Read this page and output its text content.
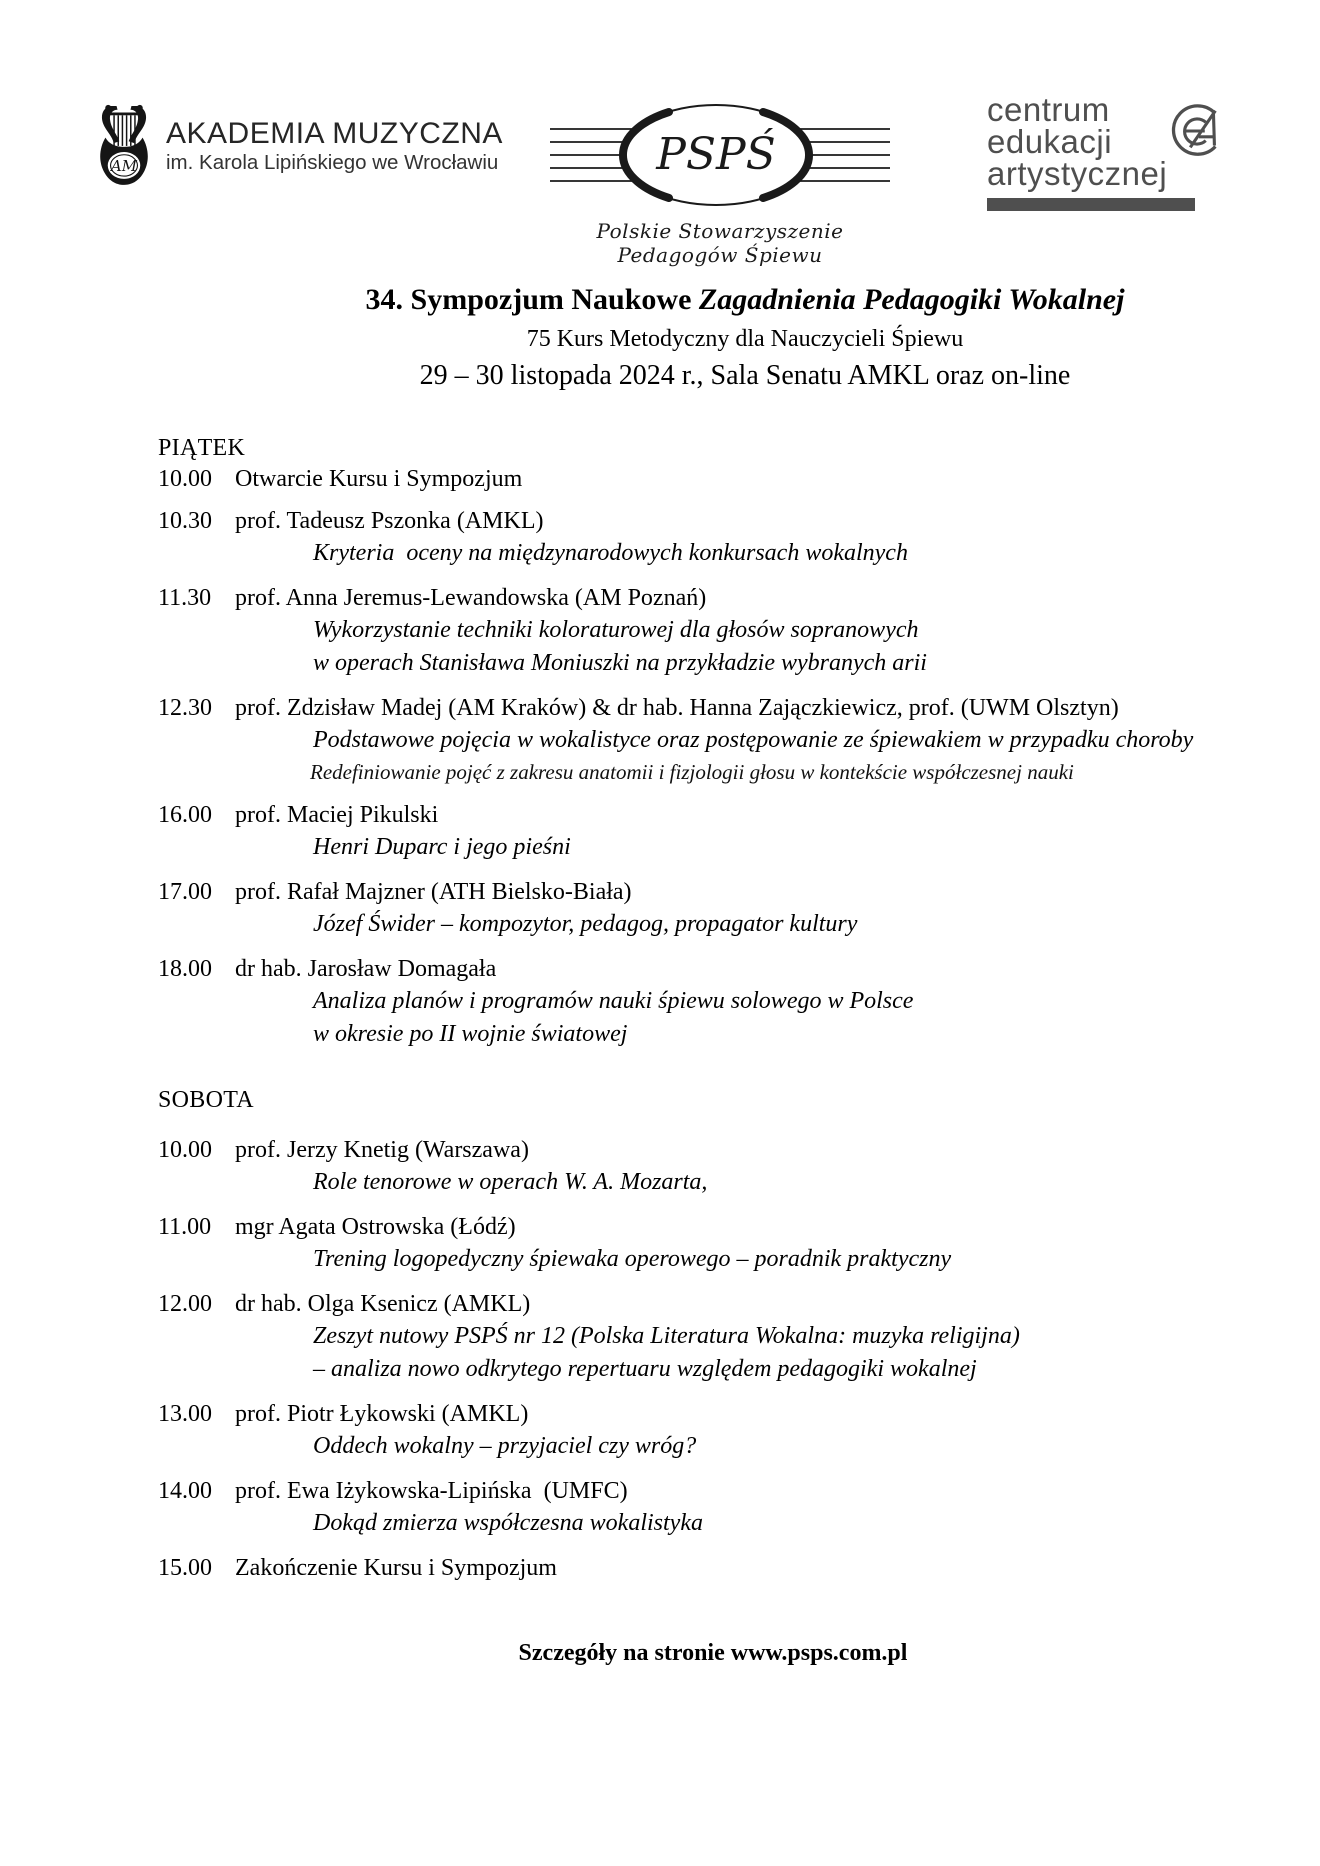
AM
AKADEMIA MUZYCZNA
im. Karola Lipińskiego we Wrocławiu	PSPŚ
Polskie Stowarzyszenie Pedagogów Śpiewu
centrum
edukacji
artystycznej
34. Sympozjum Naukowe Zagadnienia Pedagogiki Wokalnej
75 Kurs Metodyczny dla Nauczycieli Śpiewu
29 – 30 listopada 2024 r., Sala Senatu AMKL oraz on-line
PIĄTEK
10.00 Otwarcie Kursu i Sympozjum
10.30 prof. Tadeusz Pszonka (AMKL)
Kryteria  oceny na międzynarodowych konkursach wokalnych
11.30 prof. Anna Jeremus-Lewandowska (AM Poznań)
Wykorzystanie techniki koloraturowej dla głosów sopranowych
w operach Stanisława Moniuszki na przykładzie wybranych arii
12.30 prof. Zdzisław Madej (AM Kraków) & dr hab. Hanna Zajączkiewicz, prof. (UWM Olsztyn)
Podstawowe pojęcia w wokalistyce oraz postępowanie ze śpiewakiem w przypadku choroby
Redefiniowanie pojęć z zakresu anatomii i fizjologii głosu w kontekście współczesnej nauki
16.00 prof. Maciej Pikulski
Henri Duparc i jego pieśni
17.00 prof. Rafał Majzner (ATH Bielsko-Biała)
Józef Świder – kompozytor, pedagog, propagator kultury
18.00 dr hab. Jarosław Domagała
Analiza planów i programów nauki śpiewu solowego w Polsce
w okresie po II wojnie światowej
SOBOTA
10.00 prof. Jerzy Knetig (Warszawa)
Role tenorowe w operach W. A. Mozarta,
11.00 mgr Agata Ostrowska (Łódź)
Trening logopedyczny śpiewaka operowego – poradnik praktyczny
12.00 dr hab. Olga Ksenicz (AMKL)
Zeszyt nutowy PSPŚ nr 12 (Polska Literatura Wokalna: muzyka religijna)
– analiza nowo odkrytego repertuaru względem pedagogiki wokalnej
13.00 prof. Piotr Łykowski (AMKL)
Oddech wokalny – przyjaciel czy wróg?
14.00 prof. Ewa Iżykowska-Lipińska  (UMFC)
Dokąd zmierza współczesna wokalistyka
15.00 Zakończenie Kursu i Sympozjum
Szczegóły na stronie www.psps.com.pl
